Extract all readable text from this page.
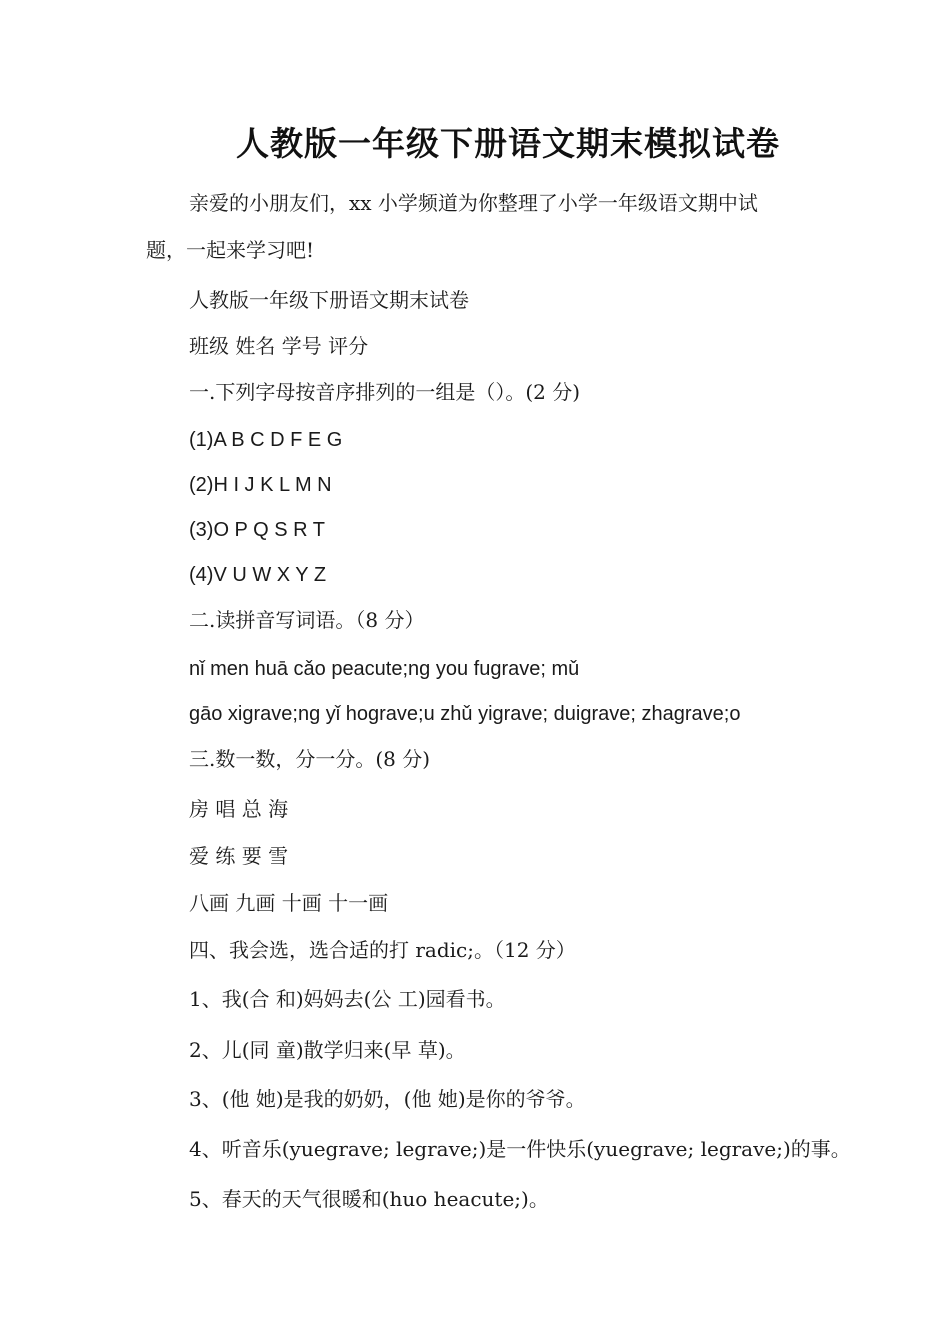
人教版一年级下册语文期末模拟试卷
亲爱的小朋友们，xx 小学频道为你整理了小学一年级语文期中试
题，一起来学习吧!
人教版一年级下册语文期末试卷
班级 姓名 学号 评分
一.下列字母按音序排列的一组是（）。(2 分)
(1)A B C D F E G
(2)H I J K L M N
(3)O P Q S R T
(4)V U W X Y Z
二.读拼音写词语。（8 分）
nǐ men huā cǎo peacute;ng you fugrave; mǔ
gāo xigrave;ng yǐ hograve;u zhǔ yigrave; duigrave; zhagrave;o
三.数一数，分一分。(8 分)
房 唱 总 海
爱 练 要 雪
八画 九画 十画 十一画
四、我会选，选合适的打 radic;。（12 分）
1、我(合 和)妈妈去(公 工)园看书。
2、儿(同 童)散学归来(早 草)。
3、(他 她)是我的奶奶，(他 她)是你的爷爷。
4、听音乐(yuegrave; legrave;)是一件快乐(yuegrave; legrave;)的事。
5、春天的天气很暖和(huo heacute;)。
